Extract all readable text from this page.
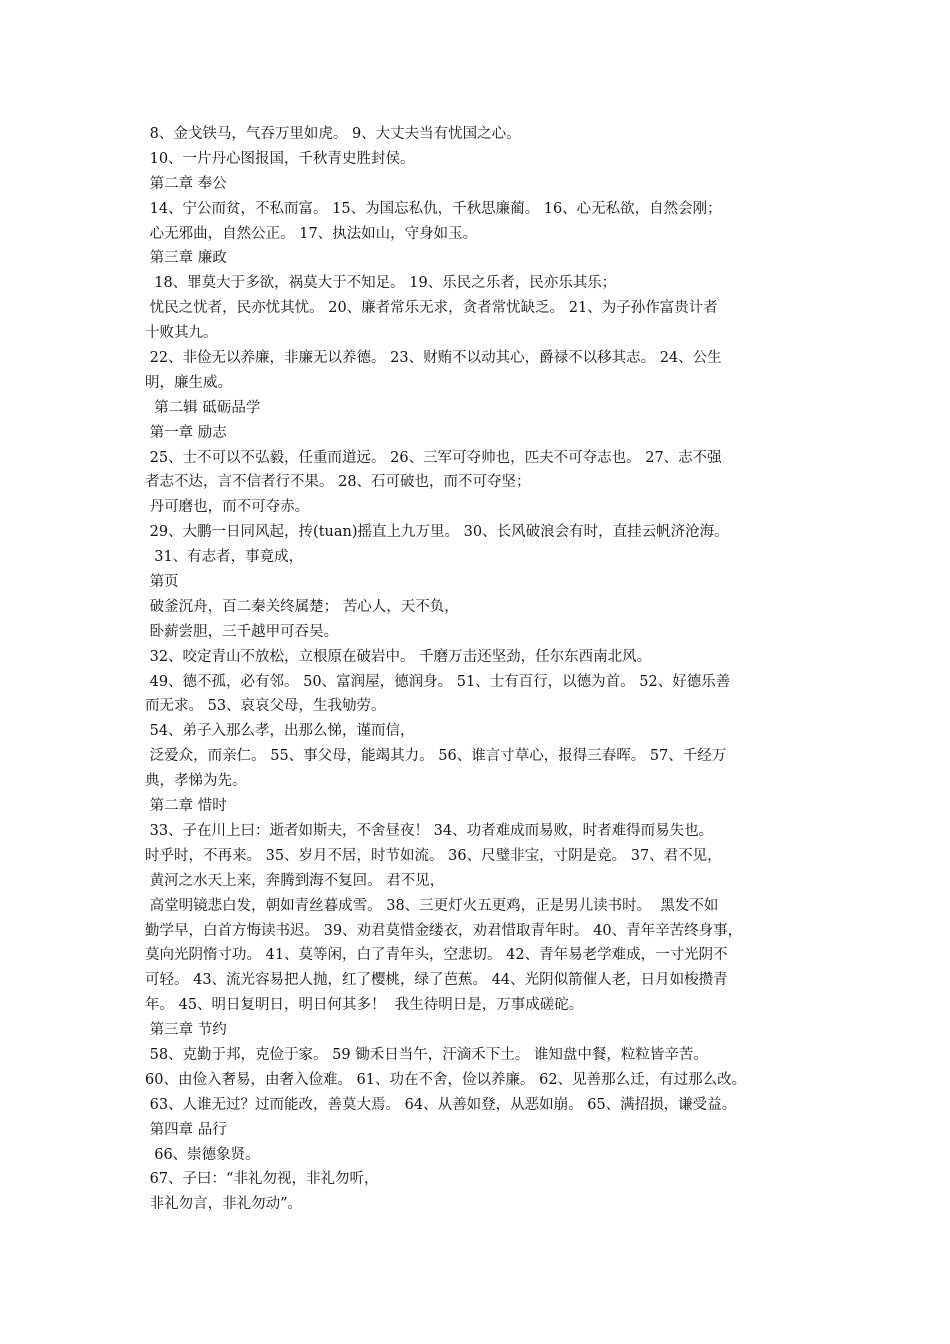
8、金戈铁马，气吞万里如虎。 9、大丈夫当有忧国之心。
10、一片丹心图报国，千秋青史胜封侯。
第二章 奉公
14、宁公而贫，不私而富。 15、为国忘私仇，千秋思廉蔺。 16、心无私欲，自然会刚；
心无邪曲，自然公正。 17、执法如山，守身如玉。
第三章 廉政
18、罪莫大于多欲，祸莫大于不知足。 19、乐民之乐者，民亦乐其乐；
忧民之忧者，民亦忧其忧。 20、廉者常乐无求，贪者常忧缺乏。 21、为子孙作富贵计者
十败其九。
22、非俭无以养廉，非廉无以养德。 23、财贿不以动其心，爵禄不以移其志。 24、公生
明，廉生威。
第二辑 砥砺品学
第一章 励志
25、士不可以不弘毅，任重而道远。 26、三军可夺帅也，匹夫不可夺志也。 27、志不强
者志不达，言不信者行不果。 28、石可破也，而不可夺坚；
丹可磨也，而不可夺赤。
29、大鹏一日同风起，抟(tuan)摇直上九万里。 30、长风破浪会有时，直挂云帆济沧海。
31、有志者，事竟成，
第页
破釜沉舟，百二秦关终属楚； 苦心人，天不负，
卧薪尝胆，三千越甲可吞吴。
32、咬定青山不放松，立根原在破岩中。 千磨万击还坚劲，任尔东西南北风。
49、德不孤，必有邻。 50、富润屋，德润身。 51、士有百行，以德为首。 52、好德乐善
而无求。 53、哀哀父母，生我劬劳。
54、弟子入那么孝，出那么悌，谨而信，
泛爱众，而亲仁。 55、事父母，能竭其力。 56、谁言寸草心，报得三春晖。 57、千经万
典，孝悌为先。
第二章 惜时
33、子在川上曰：逝者如斯夫，不舍昼夜！ 34、功者难成而易败，时者难得而易失也。
时乎时，不再来。 35、岁月不居，时节如流。 36、尺璧非宝，寸阴是竞。 37、君不见，
黄河之水天上来，奔腾到海不复回。 君不见，
高堂明镜悲白发，朝如青丝暮成雪。 38、三更灯火五更鸡，正是男儿读书时。  黑发不如
勤学早，白首方悔读书迟。 39、劝君莫惜金缕衣，劝君惜取青年时。 40、青年辛苦终身事，
莫向光阴惰寸功。 41、莫等闲，白了青年头，空悲切。 42、青年易老学难成，一寸光阴不
可轻。 43、流光容易把人抛，红了樱桃，绿了芭蕉。 44、光阴似箭催人老，日月如梭攒青
年。 45、明日复明日，明日何其多！  我生待明日是，万事成磋砣。
第三章 节约
58、克勤于邦，克俭于家。 59 锄禾日当午，汗滴禾下土。 谁知盘中餐，粒粒皆辛苦。
60、由俭入奢易，由奢入俭难。 61、功在不舍，俭以养廉。 62、见善那么迁，有过那么改。
63、人谁无过？过而能改，善莫大焉。 64、从善如登，从恶如崩。 65、满招损，谦受益。
第四章 品行
66、崇德象贤。
67、子曰：“非礼勿视，非礼勿听，
非礼勿言，非礼勿动”。
